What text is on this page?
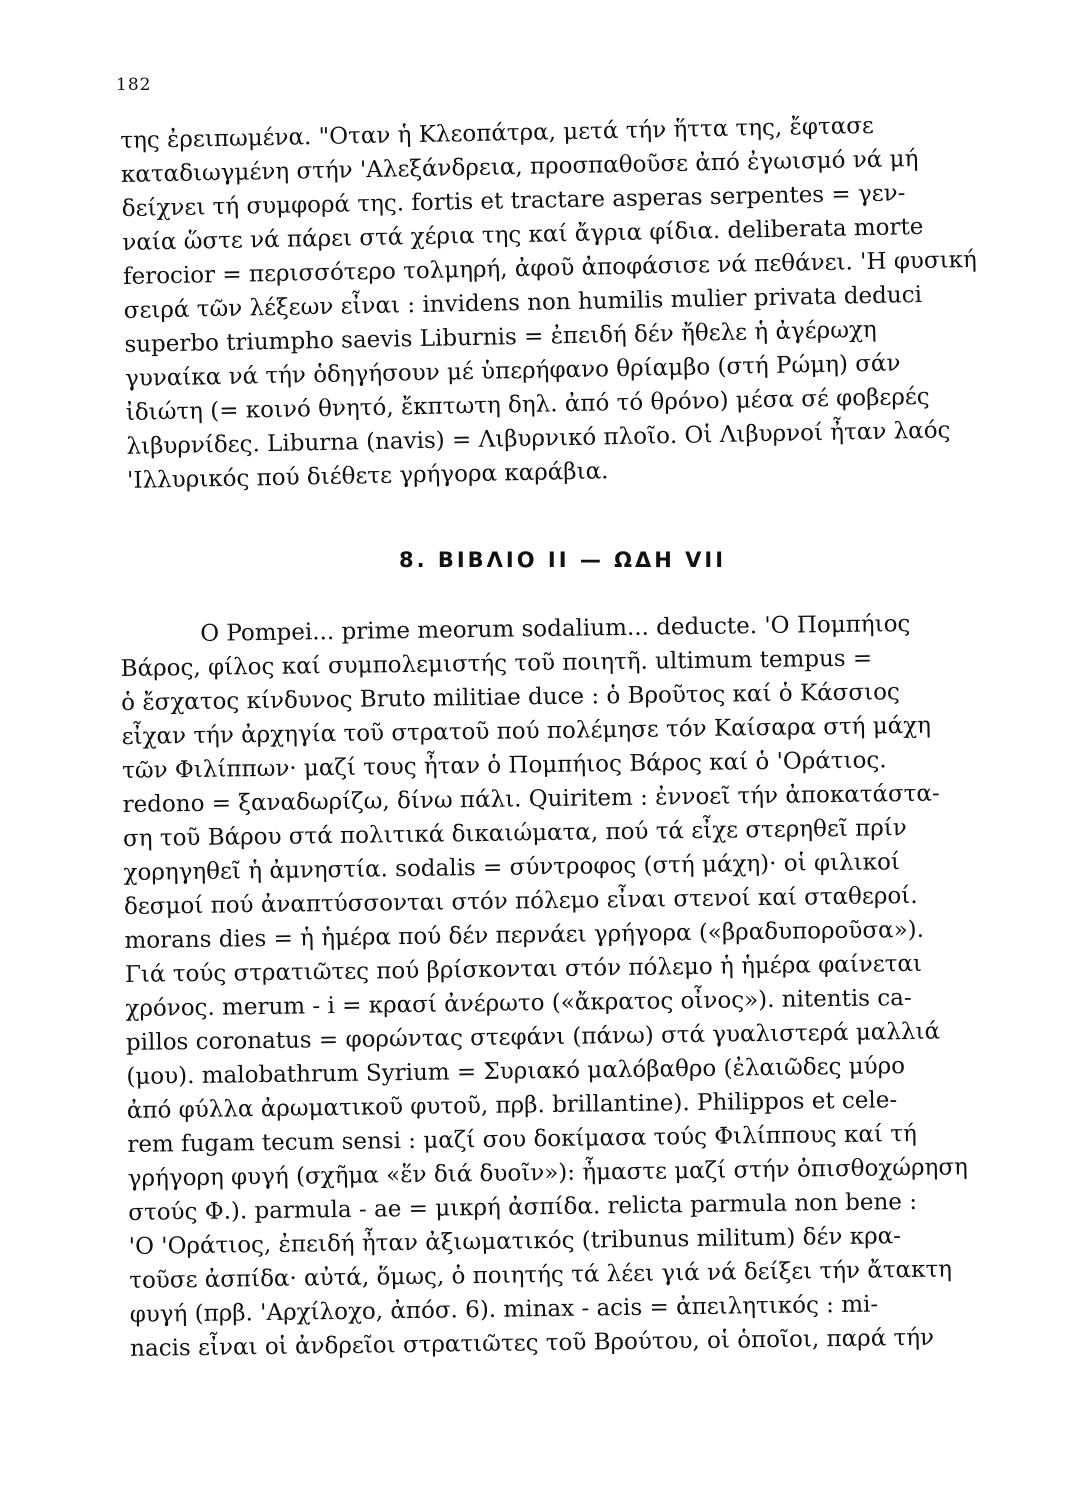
182
της ἐρειπωμένα. "Οταν ἡ Κλεοπάτρα, μετά τήν ἥττα της, ἔφτασε
καταδιωγμένη στήν 'Αλεξάνδρεια, προσπαθοῦσε ἀπό ἐγωισμό νά μή
δείχνει τή συμφορά της. fortis et tractare asperas serpentes = γεν-
ναία ὥστε νά πάρει στά χέρια της καί ἄγρια φίδια. deliberata morte
ferocior = περισσότερο τολμηρή, ἀφοῦ ἀποφάσισε νά πεθάνει. 'Η φυσική
σειρά τῶν λέξεων εἶναι : invidens non humilis mulier privata deduci
superbo triumpho saevis Liburnis = ἐπειδή δέν ἤθελε ἡ ἀγέρωχη
γυναίκα νά τήν ὁδηγήσουν μέ ὑπερήφανο θρίαμβο (στή Ρώμη) σάν
ἰδιώτη (= κοινό θνητό, ἔκπτωτη δηλ. ἀπό τό θρόνο) μέσα σέ φοβερές
λιβυρνίδες. Liburna (navis) = Λιβυρνικό πλοῖο. Οἱ Λιβυρνοί ἦταν λαός
'Ιλλυρικός πού διέθετε γρήγορα καράβια.
8. ΒΙΒΛΙΟ II — ΩΔΗ VII
O Pompei... prime meorum sodalium... deducte. 'Ο Πομπήιος
Βάρος, φίλος καί συμπολεμιστής τοῦ ποιητῆ. ultimum tempus =
ὁ ἔσχατος κίνδυνος Bruto militiae duce : ὁ Βροῦτος καί ὁ Κάσσιος
εἶχαν τήν ἀρχηγία τοῦ στρατοῦ πού πολέμησε τόν Καίσαρα στή μάχη
τῶν Φιλίππων· μαζί τους ἦταν ὁ Πομπήιος Βάρος καί ὁ 'Οράτιος.
redono = ξαναδωρίζω, δίνω πάλι. Quiritem : ἐννοεῖ τήν ἀποκατάστα-
ση τοῦ Βάρου στά πολιτικά δικαιώματα, πού τά εἶχε στερηθεῖ πρίν
χορηγηθεῖ ἡ ἀμνηστία. sodalis = σύντροφος (στή μάχη)· οἱ φιλικοί
δεσμοί πού ἀναπτύσσονται στόν πόλεμο εἶναι στενοί καί σταθεροί.
morans dies = ἡ ἡμέρα πού δέν περνάει γρήγορα («βραδυποροῦσα»).
Γιά τούς στρατιῶτες πού βρίσκονται στόν πόλεμο ἡ ἡμέρα φαίνεται
χρόνος. merum - i = κρασί ἀνέρωτο («ἄκρατος οἶνος»). nitentis ca-
pillos coronatus = φορώντας στεφάνι (πάνω) στά γυαλιστερά μαλλιά
(μου). malobathrum Syrium = Συριακό μαλόβαθρο (ἐλαιῶδες μύρο
ἀπό φύλλα ἀρωματικοῦ φυτοῦ, πρβ. brillantine). Philippos et cele-
rem fugam tecum sensi : μαζί σου δοκίμασα τούς Φιλίππους καί τή
γρήγορη φυγή (σχῆμα «ἕν διά δυοῖν»): ἦμαστε μαζί στήν ὀπισθοχώρηση
στούς Φ.). parmula - ae = μικρή ἀσπίδα. relicta parmula non bene :
'Ο 'Οράτιος, ἐπειδή ἦταν ἀξιωματικός (tribunus militum) δέν κρα-
τοῦσε ἀσπίδα· αὐτά, ὅμως, ὁ ποιητής τά λέει γιά νά δείξει τήν ἄτακτη
φυγή (πρβ. 'Αρχίλοχο, ἀπόσ. 6). minax - acis = ἀπειλητικός : mi-
nacis εἶναι οἱ ἀνδρεῖοι στρατιῶτες τοῦ Βρούτου, οἱ ὁποῖοι, παρά τήν
